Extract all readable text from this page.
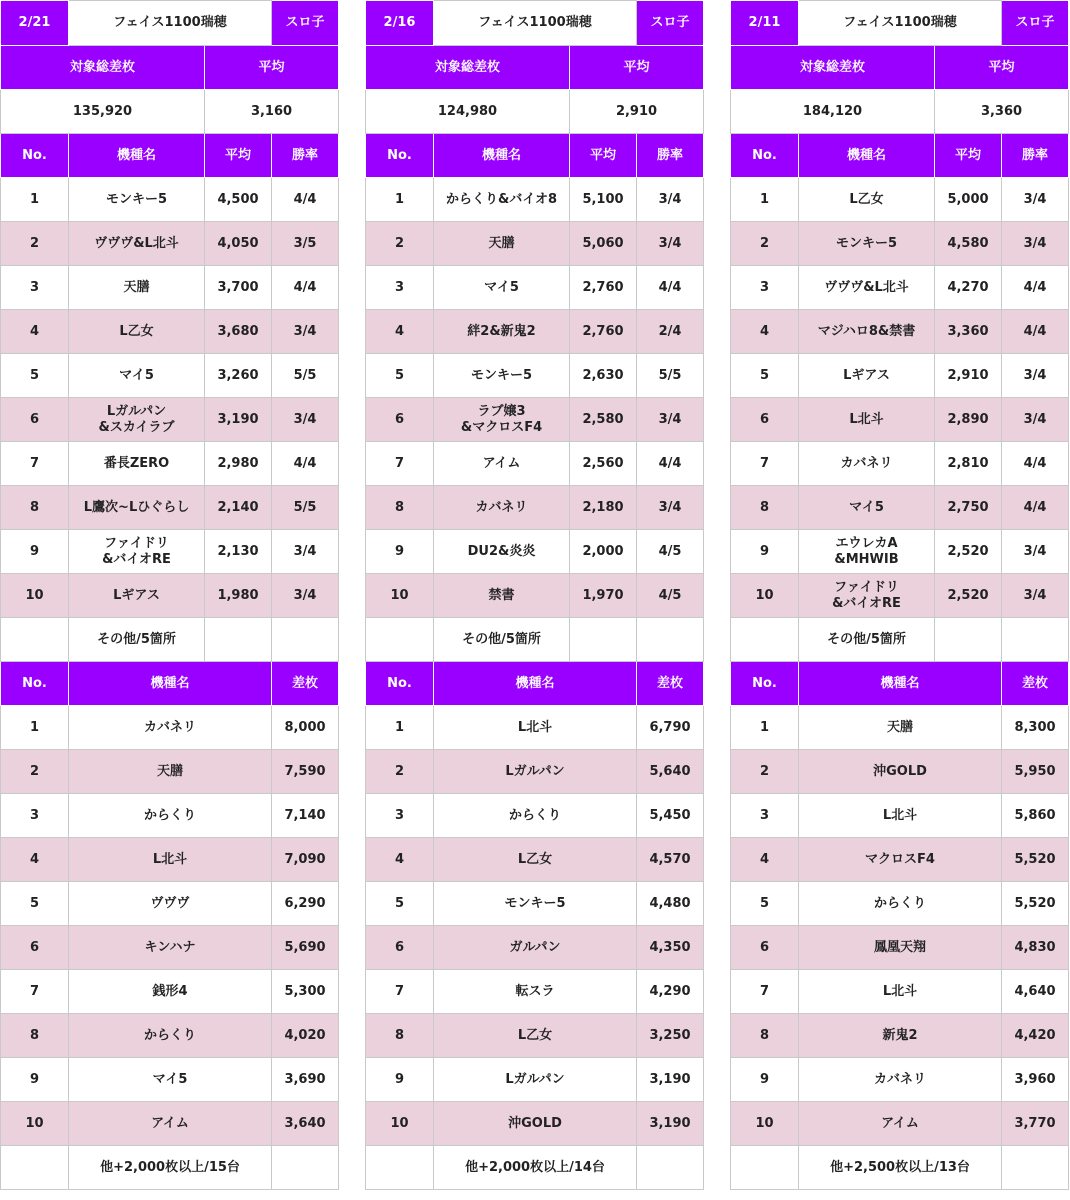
2/21	フェイス1100瑞穂		スロ子
対象総差枚		平均	
135,920		3,160	
No.	機種名	平均	勝率
1	モンキー5	4,500	4/4
2	ヴヴヴ&L北斗	4,050	3/5
3	天膳	3,700	4/4
4	L乙女	3,680	3/4
5	マイ5	3,260	5/5
6	Lガルパン
&スカイラブ	3,190	3/4
7	番長ZERO	2,980	4/4
8	L鷹次~Lひぐらし	2,140	5/5
9	ファイドリ
&バイオRE	2,130	3/4
10	Lギアス	1,980	3/4
	その他/5箇所		
No.	機種名		差枚
1	カバネリ		8,000
2	天膳		7,590
3	からくり		7,140
4	L北斗		7,090
5	ヴヴヴ		6,290
6	キンハナ		5,690
7	銭形4		5,300
8	からくり		4,020
9	マイ5		3,690
10	アイム		3,640
	他+2,000枚以上/15台		
2/16	フェイス1100瑞穂		スロ子
対象総差枚		平均	
124,980		2,910	
No.	機種名	平均	勝率
1	からくり&バイオ8	5,100	3/4
2	天膳	5,060	3/4
3	マイ5	2,760	4/4
4	絆2&新鬼2	2,760	2/4
5	モンキー5	2,630	5/5
6	ラブ嬢3
&マクロスF4	2,580	3/4
7	アイム	2,560	4/4
8	カバネリ	2,180	3/4
9	DU2&炎炎	2,000	4/5
10	禁書	1,970	4/5
	その他/5箇所		
No.	機種名		差枚
1	L北斗		6,790
2	Lガルパン		5,640
3	からくり		5,450
4	L乙女		4,570
5	モンキー5		4,480
6	ガルパン		4,350
7	転スラ		4,290
8	L乙女		3,250
9	Lガルパン		3,190
10	沖GOLD		3,190
	他+2,000枚以上/14台		
2/11	フェイス1100瑞穂		スロ子
対象総差枚		平均	
184,120		3,360	
No.	機種名	平均	勝率
1	L乙女	5,000	3/4
2	モンキー5	4,580	3/4
3	ヴヴヴ&L北斗	4,270	4/4
4	マジハロ8&禁書	3,360	4/4
5	Lギアス	2,910	3/4
6	L北斗	2,890	3/4
7	カバネリ	2,810	4/4
8	マイ5	2,750	4/4
9	エウレカA
&MHWIB	2,520	3/4
10	ファイドリ
&バイオRE	2,520	3/4
	その他/5箇所		
No.	機種名		差枚
1	天膳		8,300
2	沖GOLD		5,950
3	L北斗		5,860
4	マクロスF4		5,520
5	からくり		5,520
6	鳳凰天翔		4,830
7	L北斗		4,640
8	新鬼2		4,420
9	カバネリ		3,960
10	アイム		3,770
	他+2,500枚以上/13台		
